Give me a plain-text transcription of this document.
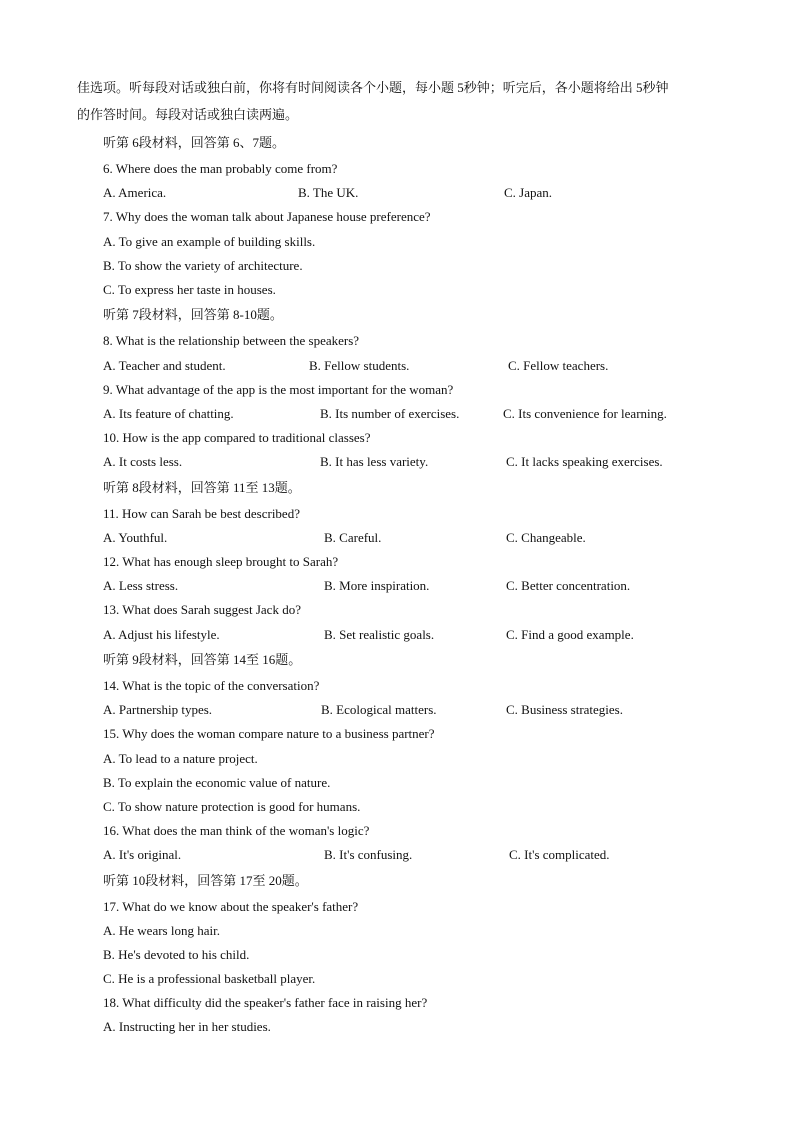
佳选项。听每段对话或独白前，你将有时间阅读各个小题，每小题 5秒钟；听完后，各小题将给出 5秒钟
的作答时间。每段对话或独白读两遍。
听第 6段材料，回答第 6、7题。
6. Where does the man probably come from?
A. America.	B. The UK.	C. Japan.
7. Why does the woman talk about Japanese house preference?
A. To give an example of building skills.
B. To show the variety of architecture.
C. To express her taste in houses.
听第 7段材料，回答第 8-10题。
8. What is the relationship between the speakers?
A. Teacher and student.	B. Fellow students.	C. Fellow teachers.
9. What advantage of the app is the most important for the woman?
A. Its feature of chatting.	B. Its number of exercises.	C. Its convenience for learning.
10. How is the app compared to traditional classes?
A. It costs less.	B. It has less variety.	C. It lacks speaking exercises.
听第 8段材料，回答第 11至 13题。
11. How can Sarah be best described?
A. Youthful.	B. Careful.	C. Changeable.
12. What has enough sleep brought to Sarah?
A. Less stress.	B. More inspiration.	C. Better concentration.
13. What does Sarah suggest Jack do?
A. Adjust his lifestyle.	B. Set realistic goals.	C. Find a good example.
听第 9段材料，回答第 14至 16题。
14. What is the topic of the conversation?
A. Partnership types.	B. Ecological matters.	C. Business strategies.
15. Why does the woman compare nature to a business partner?
A. To lead to a nature project.
B. To explain the economic value of nature.
C. To show nature protection is good for humans.
16. What does the man think of the woman's logic?
A. It's original.	B. It's confusing.	C. It's complicated.
听第 10段材料，回答第 17至 20题。
17. What do we know about the speaker's father?
A. He wears long hair.
B. He's devoted to his child.
C. He is a professional basketball player.
18. What difficulty did the speaker's father face in raising her?
A. Instructing her in her studies.
